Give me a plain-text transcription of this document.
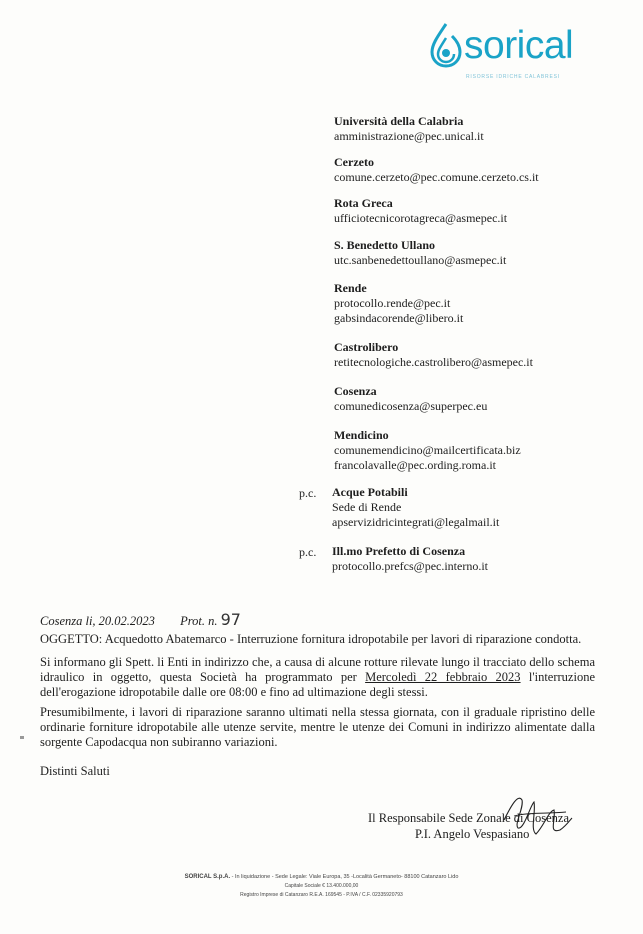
sorical
RISORSE IDRICHE CALABRESI
Università della Calabria
amministrazione@pec.unical.it
Cerzeto
comune.cerzeto@pec.comune.cerzeto.cs.it
Rota Greca
ufficiotecnicorotagreca@asmepec.it
S. Benedetto Ullano
utc.sanbenedettoullano@asmepec.it
Rende
protocollo.rende@pec.it
gabsindacorende@libero.it
Castrolibero
retitecnologiche.castrolibero@asmepec.it
Cosenza
comunedicosenza@superpec.eu
Mendicino
comunemendicino@mailcertificata.biz
francolavalle@pec.ording.roma.it
p.c. Acque Potabili
Sede di Rende
apservizidricintegrati@legalmail.it
p.c. Ill.mo Prefetto di Cosenza
protocollo.prefcs@pec.interno.it
Cosenza li, 20.02.2023 Prot. n. 97
OGGETTO: Acquedotto Abatemarco - Interruzione fornitura idropotabile per lavori di riparazione condotta.
Si informano gli Spett. li Enti in indirizzo che, a causa di alcune rotture rilevate lungo il tracciato dello schema idraulico in oggetto, questa Società ha programmato per Mercoledì 22 febbraio 2023 l'interruzione dell'erogazione idropotabile dalle ore 08:00 e fino ad ultimazione degli stessi.
Presumibilmente, i lavori di riparazione saranno ultimati nella stessa giornata, con il graduale ripristino delle ordinarie forniture idropotabile alle utenze servite, mentre le utenze dei Comuni in indirizzo alimentate dalla sorgente Capodacqua non subiranno variazioni.
Distinti Saluti
Il Responsabile Sede Zonale di Cosenza
P.I. Angelo Vespasiano
SORICAL S.p.A. - In liquidazione - Sede Legale: Viale Europa, 35 -Località Germaneto- 88100 Catanzaro Lido
Capitale Sociale € 13.400.000,00
Registro Imprese di Catanzaro R.E.A. 169545 - P.IVA / C.F. 02335920793
